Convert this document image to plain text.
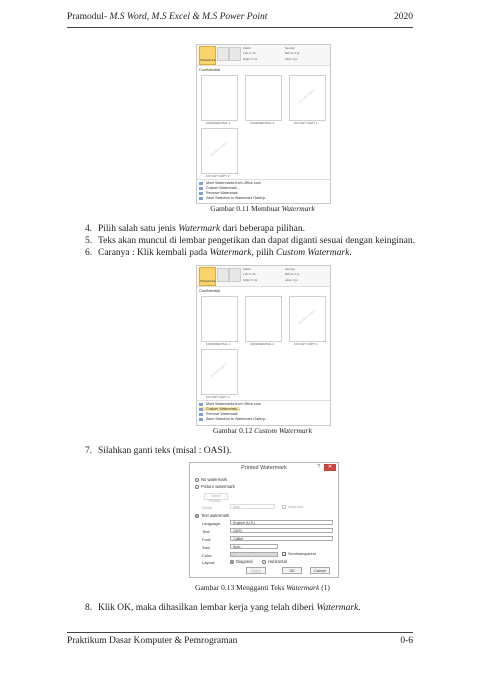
Pramodul- M.S Word, M.S Excel & M.S Power Point	2020
Watermark
Indent
Left: 0 cm
Right: 0 cm
Spacing
Before: 0 pt
After: 0 pt
Confidential
CONFIDENTIAL 1	CONFIDENTIAL 2
DO NOT COPY
DO NOT COPY 1
DO NOT COPY
DO NOT COPY 2
More Watermarks from Office.com
Custom Watermark...
Remove Watermark
Save Selection to Watermark Gallery...
Gambar 0.11 Membuat Watermark
4. Pilih salah satu jenis Watermark dari beberapa pilihan.
5. Teks akan muncul di lembar pengetikan dan dapat diganti sesuai dengan keinginan.
6. Caranya : Klik kembali pada Watermark, pilih Custom Watermark.
Watermark
Indent
Left: 0 cm
Right: 0 cm
Spacing
Before: 0 pt
After: 0 pt
Confidential
CONFIDENTIAL 1	CONFIDENTIAL 2
DO NOT COPY
DO NOT COPY 1
DO NOT COPY
DO NOT COPY 2
More Watermarks from Office.com
Custom Watermark...
Remove Watermark
Save Selection to Watermark Gallery...
Gambar 0.12 Custom Watermark
7. Silahkan ganti teks (misal : OASI).
Printed Watermark	?	✕
No watermark
Picture watermark
Select Picture...
Scale:	Auto	✓ Washout
Text watermark
Language:	English (U.S.)
Text:	OASI
Font:	Calibri
Size:	Auto
Color:	✓ Semitransparent
Layout:	Diagonal	Horizontal
Apply	OK	Cancel
Gambar 0.13 Mengganti Teks Watermark (1)
8. Klik OK, maka dihasilkan lembar kerja yang telah diberi Watermark.
Praktikum Dasar Komputer & Pemrograman	0-6
